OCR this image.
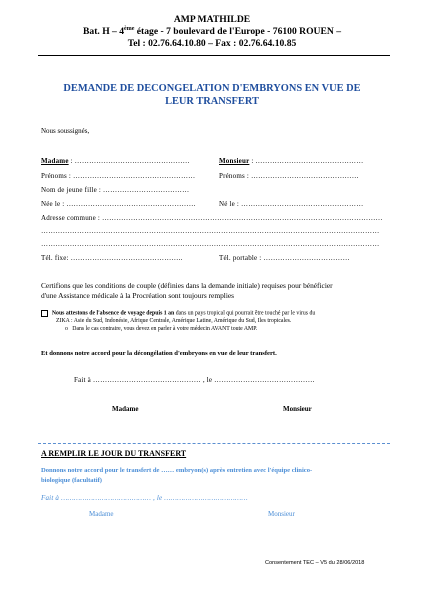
AMP MATHILDE
Bat. H – 4ème étage - 7 boulevard de l'Europe - 76100 ROUEN –
Tel : 02.76.64.10.80 – Fax : 02.76.64.10.85
DEMANDE DE DECONGELATION D'EMBRYONS EN VUE DE
LEUR TRANSFERT
Nous soussignés,
Madame : …………………………………………	Monsieur : ………………………………………
Prénoms : ……………………………………………	Prénoms : ………………………………………
Nom de jeune fille : ………………………………
Née le : ………………………………………………	Né le : ……………………………………………
Adresse commune : ………………………………………………………………………………………………………
……………………………………………………………………………………………………………………………
……………………………………………………………………………………………………………………………
Tél. fixe: ………………………………………..	Tél. portable : ………………………………
Certifions que les conditions de couple (définies dans la demande initiale) requises pour bénéficier
d'une Assistance médicale à la Procréation sont toujours remplies
Nous attestons de l'absence de voyage depuis 1 an dans un pays tropical qui pourrait être touché par le virus du
ZIKA : Asie du Sud, Indonésie, Afrique Centrale, Amérique Latine, Amérique du Sud, Iles tropicales.
o Dans le cas contraire, vous devez en parler à votre médecin AVANT toute AMP.
Et donnons notre accord pour la décongélation d'embryons en vue de leur transfert.
Fait à ……………………………………… , le ……………………………………
Madame	Monsieur
A REMPLIR LE JOUR DU TRANSFERT
Donnons notre accord pour le transfert de …… embryon(s) après entretien avec l'équipe clinico-
biologique (facultatif)
Fait à …………………………………… , le …………………………………
Madame	Monsieur
Consentement TEC – V5 du 28/06/2018
